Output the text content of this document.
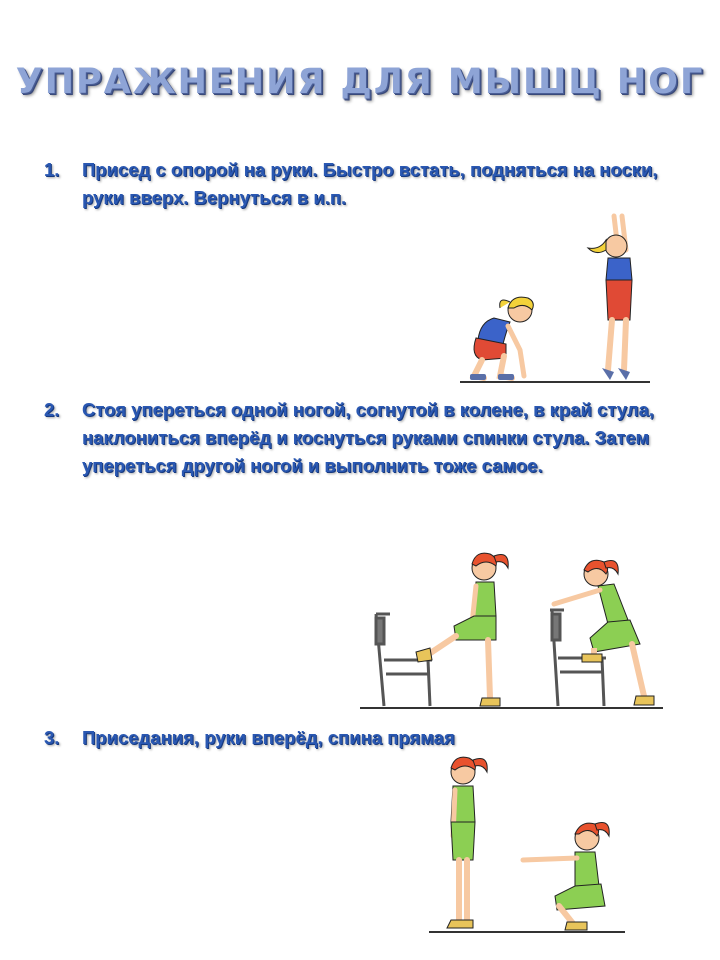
УПРАЖНЕНИЯ ДЛЯ МЫШЦ НОГ
1.	Присед с опорой на руки. Быстро встать, подняться на носки, руки вверх. Вернуться в и.п.
2.	Стоя упереться одной ногой, согнутой в колене, в край стула, наклониться вперёд и коснуться руками спинки стула. Затем упереться другой ногой и выполнить тоже самое.
3.	Приседания, руки вперёд, спина прямая
